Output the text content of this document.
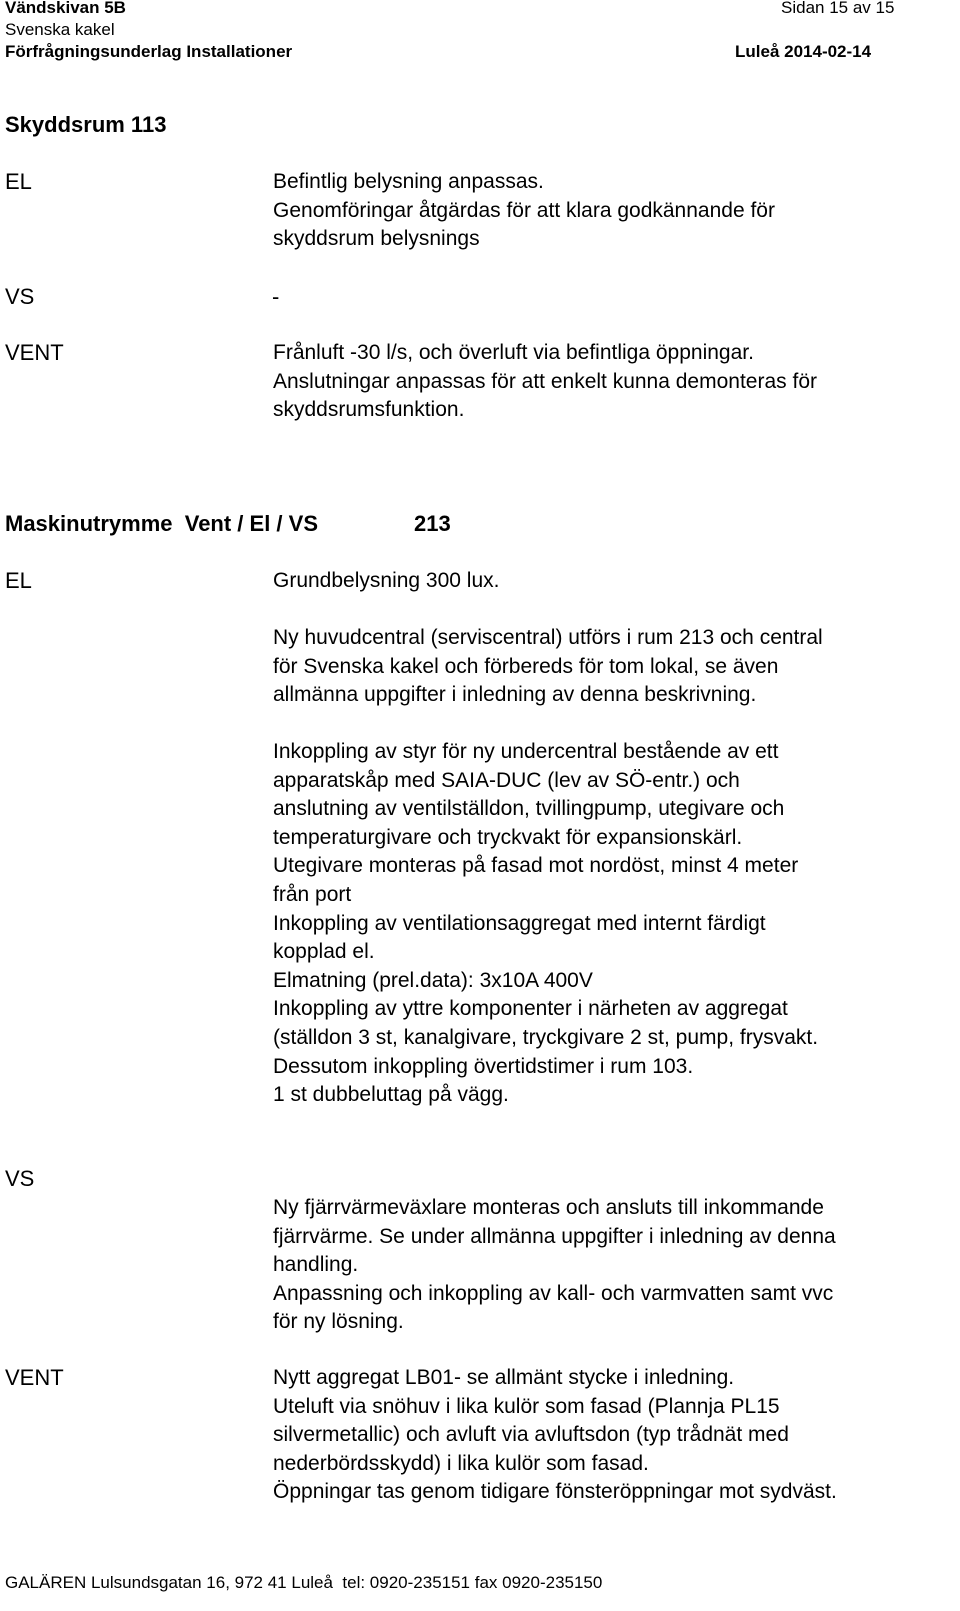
Vändskivan 5B	Sidan 15 av 15
Svenska kakel
Förfrågningsunderlag Installationer	Luleå 2014-02-14
Skyddsrum 113
EL	Befintlig belysning anpassas.

Genomföringar åtgärdas för att klara godkännande för

skyddsrum belysnings

VS	-
VENT	Frånluft -30 l/s, och överluft via befintliga öppningar.

Anslutningar anpassas för att enkelt kunna demonteras för

skyddsrumsfunktion.

Maskinutrymme  Vent / El / VS	213
EL	Grundbelysning 300 lux.

Ny huvudcentral (serviscentral) utförs i rum 213 och central

för Svenska kakel och förbereds för tom lokal, se även

allmänna uppgifter i inledning av denna beskrivning.

Inkoppling av styr för ny undercentral bestående av ett

apparatskåp med SAIA-DUC (lev av SÖ-entr.) och

anslutning av ventilställdon, tvillingpump, utegivare och

temperaturgivare och tryckvakt för expansionskärl.

Utegivare monteras på fasad mot nordöst, minst 4 meter

från port

Inkoppling av ventilationsaggregat med internt färdigt

kopplad el.

Elmatning (prel.data): 3x10A 400V

Inkoppling av yttre komponenter i närheten av aggregat

(ställdon 3 st, kanalgivare, tryckgivare 2 st, pump, frysvakt.

Dessutom inkoppling övertidstimer i rum 103.

1 st dubbeluttag på vägg.

VS

Ny fjärrvärmeväxlare monteras och ansluts till inkommande

fjärrvärme. Se under allmänna uppgifter i inledning av denna

handling.

Anpassning och inkoppling av kall- och varmvatten samt vvc

för ny lösning.

VENT	Nytt aggregat LB01- se allmänt stycke i inledning.

Uteluft via snöhuv i lika kulör som fasad (Plannja PL15

silvermetallic) och avluft via avluftsdon (typ trådnät med

nederbördsskydd) i lika kulör som fasad.

Öppningar tas genom tidigare fönsteröppningar mot sydväst.

GALÄREN Lulsundsgatan 16, 972 41 Luleå  tel: 0920-235151 fax 0920-235150
